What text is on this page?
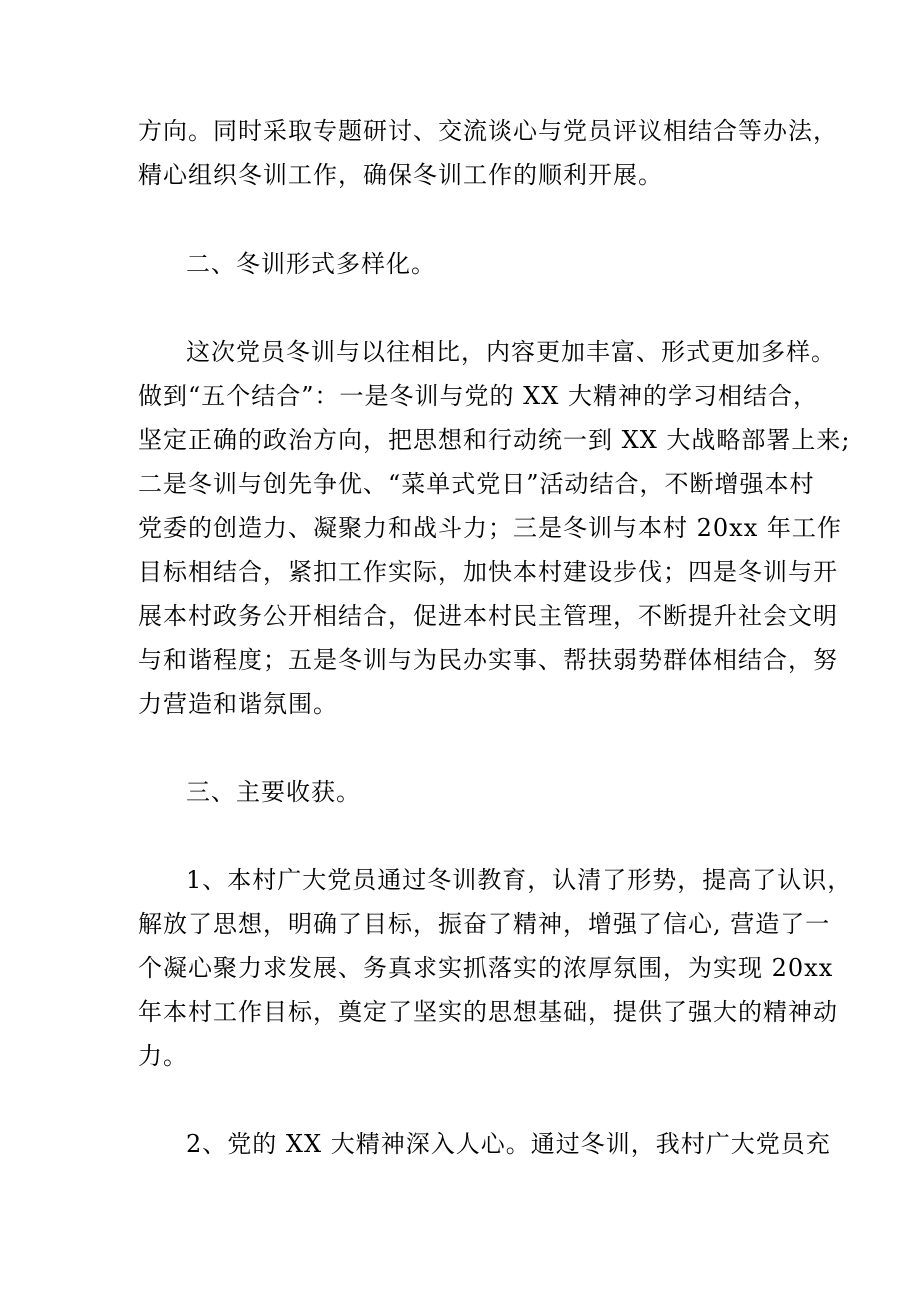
方向。同时采取专题研讨、交流谈心与党员评议相结合等办法，
精心组织冬训工作，确保冬训工作的顺利开展。
二、冬训形式多样化。
这次党员冬训与以往相比，内容更加丰富、形式更加多样。
做到“五个结合”：一是冬训与党的 XX 大精神的学习相结合，
坚定正确的政治方向，把思想和行动统一到 XX 大战略部署上来;
二是冬训与创先争优、“菜单式党日”活动结合，不断增强本村
党委的创造力、凝聚力和战斗力；三是冬训与本村 20xx 年工作
目标相结合，紧扣工作实际，加快本村建设步伐；四是冬训与开
展本村政务公开相结合，促进本村民主管理，不断提升社会文明
与和谐程度；五是冬训与为民办实事、帮扶弱势群体相结合，努
力营造和谐氛围。
三、主要收获。
1、本村广大党员通过冬训教育，认清了形势，提高了认识，
解放了思想，明确了目标，振奋了精神，增强了信心, 营造了一
个凝心聚力求发展、务真求实抓落实的浓厚氛围，为实现 20xx
年本村工作目标，奠定了坚实的思想基础，提供了强大的精神动
力。
2、党的 XX 大精神深入人心。通过冬训，我村广大党员充
